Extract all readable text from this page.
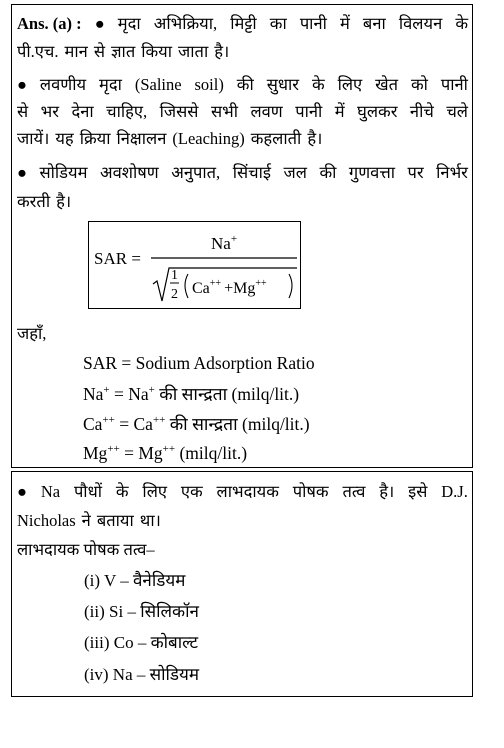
Ans. (a) : ● मृदा अभिक्रिया, मिट्टी का पानी में बना विलयन के
पी.एच. मान से ज्ञात किया जाता है।
● लवणीय मृदा (Saline soil) की सुधार के लिए खेत को पानी
से भर देना चाहिए, जिससे सभी लवण पानी में घुलकर नीचे चले
जायें। यह क्रिया निक्षालन (Leaching) कहलाती है।
● सोडियम अवशोषण अनुपात, सिंचाई जल की गुणवत्ता पर निर्भर
करती है।
SAR =
Na+
1
2 Ca++ +Mg++
जहाँ,
SAR = Sodium Adsorption Ratio
Na+ = Na+ की सान्द्रता (milq/lit.)
Ca++ = Ca++ की सान्द्रता (milq/lit.)
Mg++ = Mg++ (milq/lit.)
● Na पौधों के लिए एक लाभदायक पोषक तत्व है। इसे D.J.
Nicholas ने बताया था।
लाभदायक पोषक तत्व–
(i) V – वैनेडियम
(ii) Si – सिलिकॉन
(iii) Co – कोबाल्ट
(iv) Na – सोडियम
